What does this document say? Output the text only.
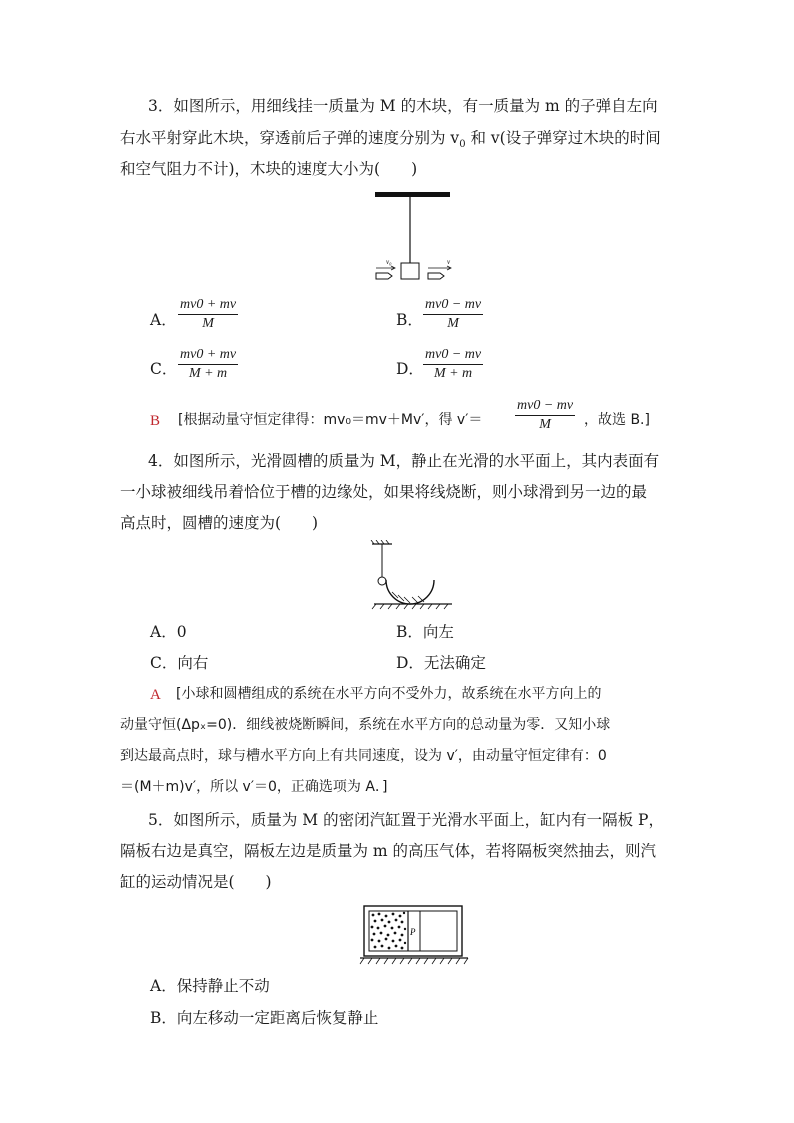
3．如图所示，用细线挂一质量为 M 的木块，有一质量为 m 的子弹自左向
右水平射穿此木块，穿透前后子弹的速度分别为 $v_0$ 和 v(设子弹穿过木块的时间
和空气阻力不计)，木块的速度大小为(　　)
v₀	v
A． $\frac{mv0 + mv}{M}$	B． $\frac{mv0 - mv}{M}$
C． $\frac{mv0 + mv}{M + m}$	D． $\frac{mv0 - mv}{M + m}$
B [根据动量守恒定律得：mv₀＝mv＋Mv′，得 $v'= \frac{mv0 - mv}{M}$ ，故选 B.]
4．如图所示，光滑圆槽的质量为 M，静止在光滑的水平面上，其内表面有
一小球被细线吊着恰位于槽的边缘处，如果将线烧断，则小球滑到另一边的最
高点时，圆槽的速度为(　　)
A．0	B．向左
C．向右	D．无法确定
A [小球和圆槽组成的系统在水平方向不受外力，故系统在水平方向上的
动量守恒(Δpₓ=0)．细线被烧断瞬间，系统在水平方向的总动量为零．又知小球
到达最高点时，球与槽水平方向上有共同速度，设为 v′，由动量守恒定律有：0
＝(M＋m)v′，所以 v′＝0，正确选项为 A．]
5．如图所示，质量为 M 的密闭汽缸置于光滑水平面上，缸内有一隔板 P，
隔板右边是真空，隔板左边是质量为 m 的高压气体，若将隔板突然抽去，则汽
缸的运动情况是(　　)
P
A．保持静止不动
B．向左移动一定距离后恢复静止
